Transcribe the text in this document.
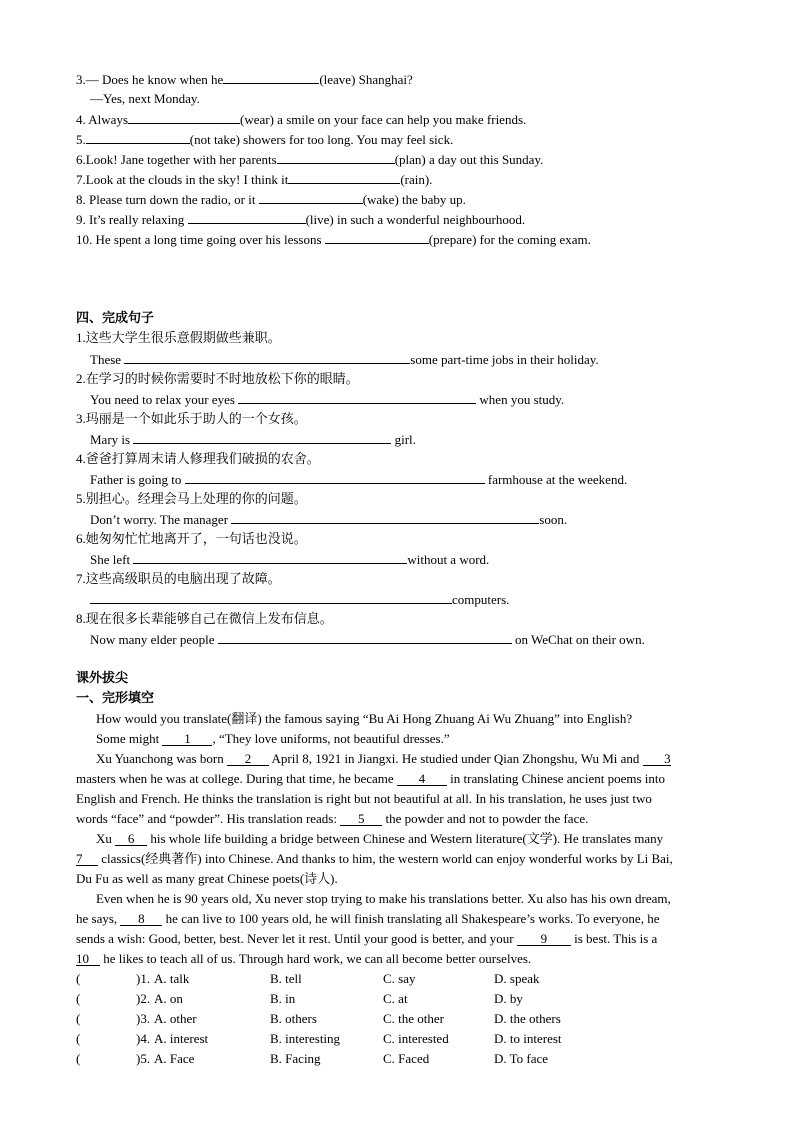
3.— Does he know when he	(leave) Shanghai?
—Yes, next Monday.
4. Always	(wear) a smile on your face can help you make friends.
5.	(not take) showers for too long. You may feel sick.
6.Look! Jane together with her parents	(plan) a day out this Sunday.
7.Look at the clouds in the sky! I think it	(rain).
8. Please turn down the radio, or it	(wake) the baby up.
9. It’s really relaxing	(live) in such a wonderful neighbourhood.
10. He spent a long time going over his lessons	(prepare) for the coming exam.
四、完成句子
1.这些大学生很乐意假期做些兼职。
These	some part-time jobs in their holiday.
2.在学习的时候你需要时不时地放松下你的眼睛。
You need to relax your eyes	when you study.
3.玛丽是一个如此乐于助人的一个女孩。
Mary is	girl.
4.爸爸打算周末请人修理我们破损的农舍。
Father is going to	farmhouse at the weekend.
5.别担心。经理会马上处理的你的问题。
Don’t worry. The manager	soon.
6.她匆匆忙忙地离开了，一句话也没说。
She left	without a word.
7.这些高级职员的电脑出现了故障。
computers.
8.现在很多长辈能够自己在微信上发布信息。
Now many elder people	on WeChat on their own.
课外拔尖
一、完形填空
How would you translate(翻译) the famous saying “Bu Ai Hong Zhuang Ai Wu Zhuang” into English?
Some might 1 , “They love uniforms, not beautiful dresses.”
Xu Yuanchong was born 2 April 8, 1921 in Jiangxi. He studied under Qian Zhongshu, Wu Mi and 3
masters when he was at college. During that time, he became 4 in translating Chinese ancient poems into
English and French. He thinks the translation is right but not beautiful at all. In his translation, he uses just two
words “face” and “powder”. His translation reads: 5 the powder and not to powder the face.
Xu 6 his whole life building a bridge between Chinese and Western literature(文学). He translates many
7 classics(经典著作) into Chinese. And thanks to him, the western world can enjoy wonderful works by Li Bai,
Du Fu as well as many great Chinese poets(诗人).
Even when he is 90 years old, Xu never stop trying to make his translations better. Xu also has his own dream,
he says, 8 he can live to 100 years old, he will finish translating all Shakespeare’s works. To everyone, he
sends a wish: Good, better, best. Never let it rest. Until your good is better, and your 9 is best. This is a
10 he likes to teach all of us. Through hard work, we can all become better ourselves.
(	)1. A. talk	B. tell	C. say	D. speak
(	)2. A. on	B. in	C. at	D. by
(	)3. A. other	B. others	C. the other	D. the others
(	)4. A. interest	B. interesting	C. interested	D. to interest
(	)5. A. Face	B. Facing	C. Faced	D. To face
